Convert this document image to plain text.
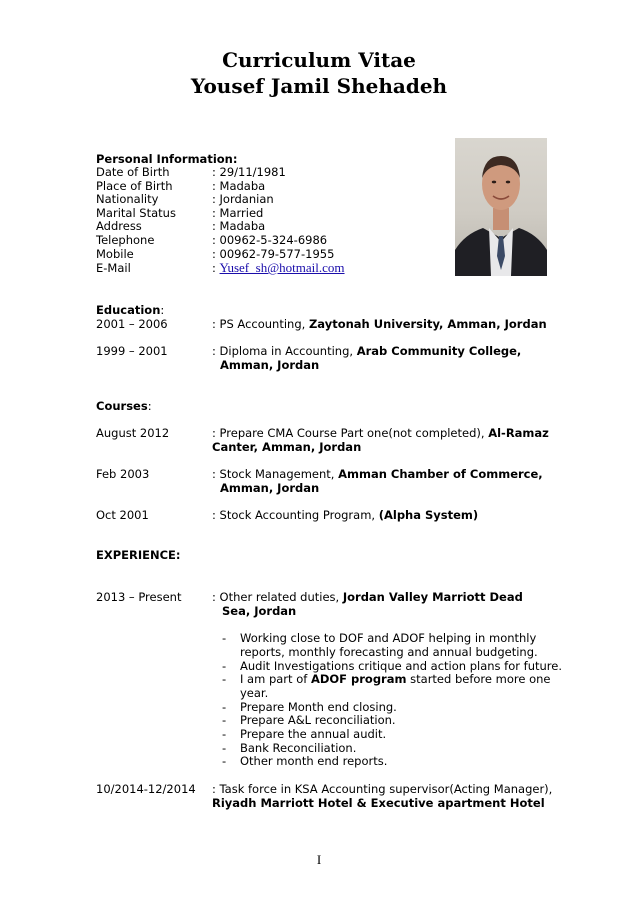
Curriculum Vitae
Yousef Jamil Shehadeh
Personal Information:
Date of Birth	: 29/11/1981
Place of Birth	: Madaba
Nationality	: Jordanian
Marital Status	: Married
Address	: Madaba
Telephone	: 00962-5-324-6986
Mobile	: 00962-79-577-1955
E-Mail	: Yusef_sh@hotmail.com
Education:
2001 – 2006	: PS Accounting, Zaytonah University, Amman, Jordan
1999 – 2001	: Diploma in Accounting, Arab Community College,
Amman, Jordan
Courses:
August 2012	: Prepare CMA Course Part one(not completed), Al-Ramaz
Canter, Amman, Jordan
Feb 2003	: Stock Management, Amman Chamber of Commerce,
Amman, Jordan
Oct 2001	: Stock Accounting Program, (Alpha System)
EXPERIENCE:
2013 – Present	: Other related duties, Jordan Valley Marriott Dead
Sea, Jordan
- Working close to DOF and ADOF helping in monthly
reports, monthly forecasting and annual budgeting.
- Audit Investigations critique and action plans for future.
- I am part of ADOF program started before more one
year.
- Prepare Month end closing.
- Prepare A&L reconciliation.
- Prepare the annual audit.
- Bank Reconciliation.
- Other month end reports.
10/2014-12/2014 : Task force in KSA Accounting supervisor(Acting Manager),
Riyadh Marriott Hotel & Executive apartment Hotel
I
